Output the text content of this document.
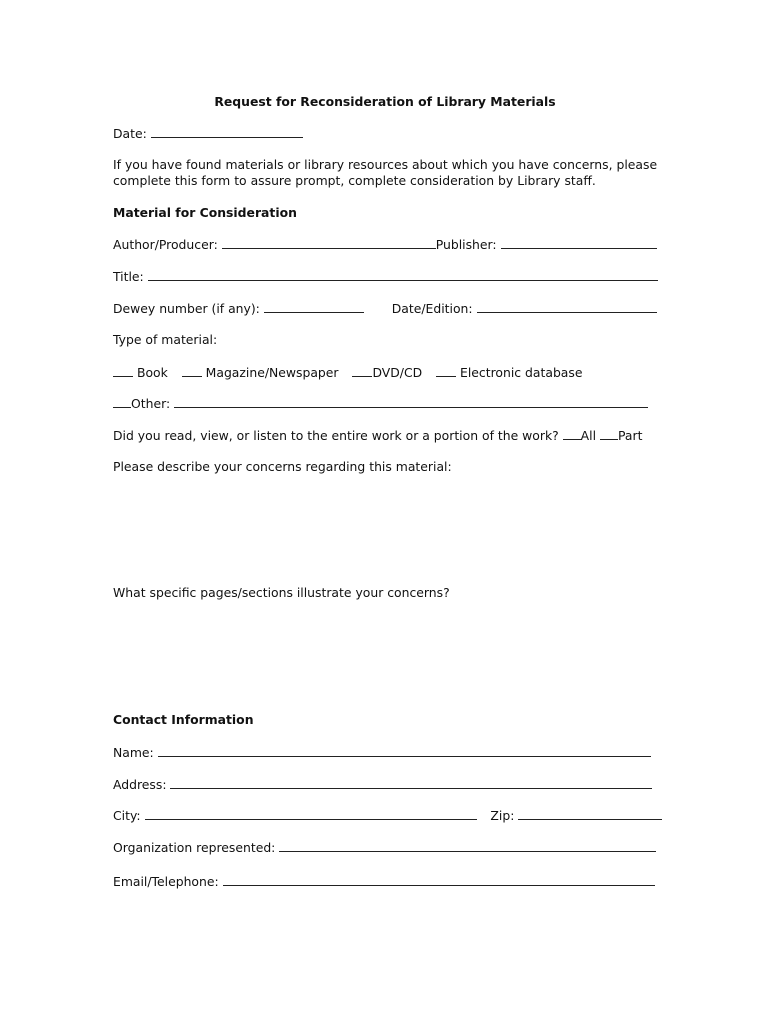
Request for Reconsideration of Library Materials
Date:
If you have found materials or library resources about which you have concerns, please complete this form to assure prompt, complete consideration by Library staff.
Material for Consideration
Author/Producer:	Publisher:
Title:
Dewey number (if any):	Date/Edition:
Type of material:
Book	Magazine/Newspaper	DVD/CD	Electronic database
Other:
Did you read, view, or listen to the entire work or a portion of the work? All Part
Please describe your concerns regarding this material:
What specific pages/sections illustrate your concerns?
Contact Information
Name:
Address:
City:	Zip:
Organization represented:
Email/Telephone:
